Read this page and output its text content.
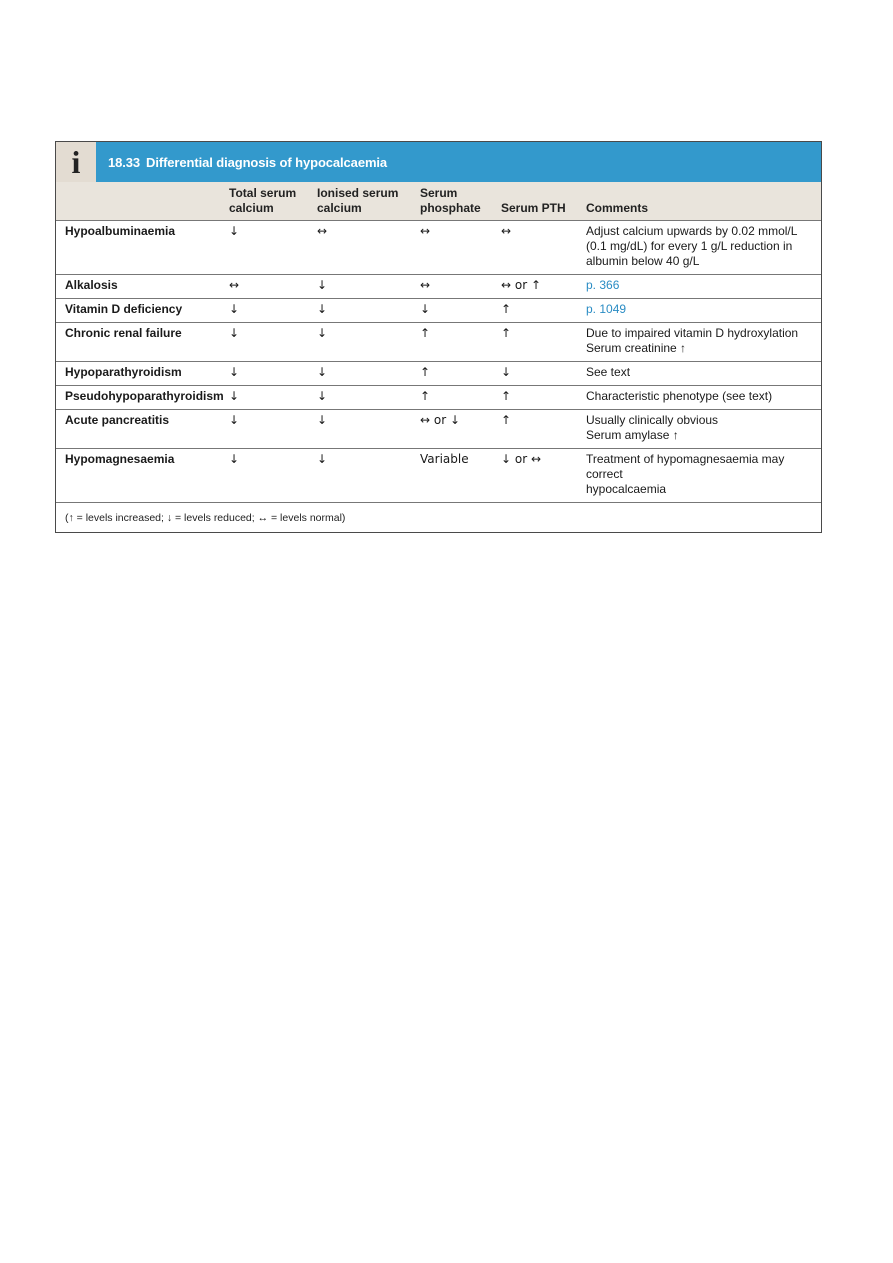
i	18.33 Differential diagnosis of hypocalcaemia
	Total serum calcium	Ionised serum calcium	Serum phosphate	Serum PTH	Comments
Hypoalbuminaemia	↓	↔	↔	↔	Adjust calcium upwards by 0.02 mmol/L
(0.1 mg/dL) for every 1 g/L reduction in
albumin below 40 g/L

Alkalosis	↔	↓	↔	↔ or ↑	p. 366

Vitamin D deficiency	↓	↓	↓	↑	p. 1049

Chronic renal failure	↓	↓	↑	↑	Due to impaired vitamin D hydroxylation
Serum creatinine ↑

Hypoparathyroidism	↓	↓	↑	↓	See text

Pseudohypoparathyroidism	↓	↓	↑	↑	Characteristic phenotype (see text)

Acute pancreatitis	↓	↓	↔ or ↓	↑	Usually clinically obvious
Serum amylase ↑

Hypomagnesaemia	↓	↓	Variable	↓ or ↔	Treatment of hypomagnesaemia may correct
hypocalcaemia

(↑ = levels increased; ↓ = levels reduced; ↔ = levels normal)					
